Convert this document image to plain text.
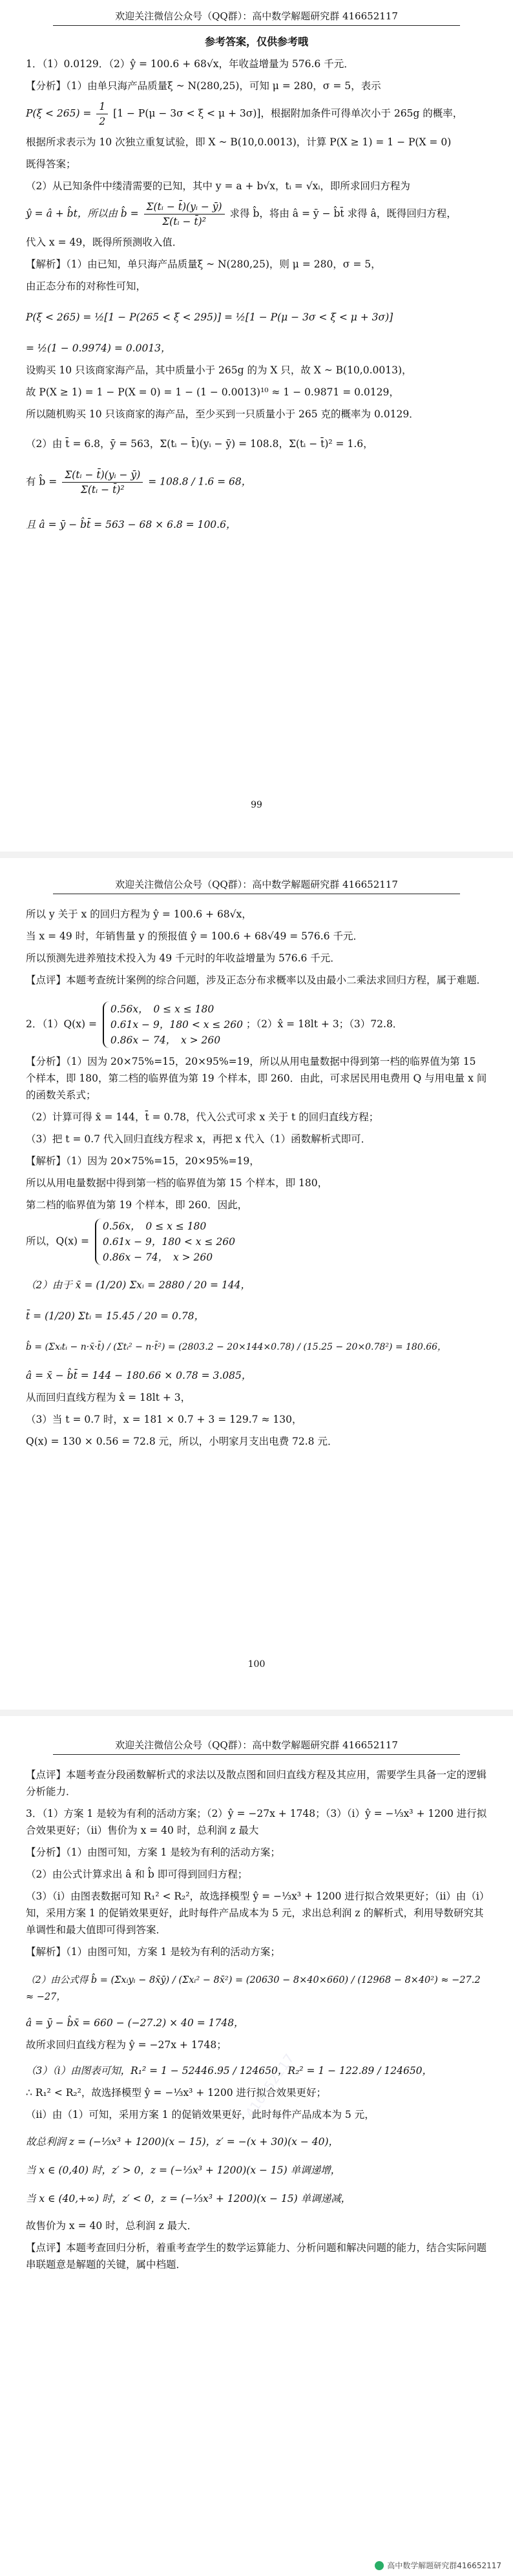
欢迎关注微信公众号（QQ群）：高中数学解题研究群 416652117

参考答案，仅供参考哦

1．（1）0.0129．（2）ŷ = 100.6 + 68√x，年收益增量为 576.6 千元．

【分析】（1）由单只海产品质量ξ ~ N(280,25)，可知 μ = 280，σ = 5，表示

$P(\xi < 265) = \frac{1}{2} [1 - P(\mu - 3\sigma < \xi < \mu + 3\sigma)]$，根据附加条件可得单次小于 265g 的概率，

根据所求表示为 10 次独立重复试验，即 X ~ B(10,0.0013)，计算 P(X ≥ 1) = 1 − P(X = 0)

既得答案；

（2）从已知条件中缕清需要的已知，其中 y = a + b√x，tᵢ = √xᵢ，即所求回归方程为

ŷ = â + b̂t，所以由 b̂ = $\frac{\text{Σ(tᵢ − t̄)(yᵢ − ȳ)}}{\text{Σ(tᵢ − t̄)²}}$ 求得 b̂，将由 â = ȳ − b̂t̄ 求得 â，既得回归方程，

代入 x = 49，既得所预测收入值．

【解析】（1）由已知，单只海产品质量ξ ~ N(280,25)，则 μ = 280，σ = 5，

由正态分布的对称性可知，

P(ξ < 265) = ½[1 − P(265 < ξ < 295)] = ½[1 − P(μ − 3σ < ξ < μ + 3σ)]

= ½(1 − 0.9974) = 0.0013，

设购买 10 只该商家海产品，其中质量小于 265g 的为 X 只，故 X ~ B(10,0.0013)，

故 P(X ≥ 1) = 1 − P(X = 0) = 1 − (1 − 0.0013)¹⁰ ≈ 1 − 0.9871 = 0.0129，

所以随机购买 10 只该商家的海产品，至少买到一只质量小于 265 克的概率为 0.0129．

（2）由 t̄ = 6.8，ȳ = 563，Σ(tᵢ − t̄)(yᵢ − ȳ) = 108.8，Σ(tᵢ − t̄)² = 1.6，

有 b̂ = $\frac{\text{Σ(tᵢ − t̄)(yᵢ − ȳ)}}{\text{Σ(tᵢ − t̄)²}} = 108.8 / 1.6 = 68$，

且 â = ȳ − b̂t̄ = 563 − 68 × 6.8 = 100.6，

99
欢迎关注微信公众号（QQ群）：高中数学解题研究群 416652117

所以 y 关于 x 的回归方程为 ŷ = 100.6 + 68√x，

当 x = 49 时，年销售量 y 的预报值 ŷ = 100.6 + 68√49 = 576.6 千元．

所以预测先进养殖技术投入为 49 千元时的年收益增量为 576.6 千元．

【点评】本题考查统计案例的综合问题，涉及正态分布求概率以及由最小二乘法求回归方程，属于难题．

2．（1）Q(x) = 0.56x，　0 ≤ x ≤ 180
0.61x − 9，180 < x ≤ 260
0.86x − 74，　x > 260 ；（2）x̂ = 18lt + 3；（3）72.8．

【分析】（1）因为 20×75%=15，20×95%=19，所以从用电量数据中得到第一档的临界值为第 15 个样本，即 180，第二档的临界值为第 19 个样本，即 260．由此，可求居民用电费用 Q 与用电量 x 间的函数关系式；

（2）计算可得 x̄ = 144，t̄ = 0.78，代入公式可求 x 关于 t 的回归直线方程；

（3）把 t = 0.7 代入回归直线方程求 x，再把 x 代入（1）函数解析式即可．

【解析】（1）因为 20×75%=15，20×95%=19，

所以从用电量数据中得到第一档的临界值为第 15 个样本，即 180，

第二档的临界值为第 19 个样本，即 260．因此，

所以，Q(x) = 0.56x，　0 ≤ x ≤ 180
0.61x − 9，180 < x ≤ 260
0.86x − 74，　x > 260

（2）由于 x̄ = (1/20) Σxᵢ = 2880 / 20 = 144，

t̄ = (1/20) Σtᵢ = 15.45 / 20 = 0.78，

b̂ = (Σxᵢtᵢ − n·x̄·t̄) / (Σtᵢ² − n·t̄²) = (2803.2 − 20×144×0.78) / (15.25 − 20×0.78²) = 180.66，

â = x̄ − b̂t̄ = 144 − 180.66 × 0.78 = 3.085，

从而回归直线方程为 x̂ = 18lt + 3，

（3）当 t = 0.7 时，x = 181 × 0.7 + 3 = 129.7 ≈ 130，

Q(x) = 130 × 0.56 = 72.8 元，所以，小明家月支出电费 72.8 元．

100
欢迎关注微信公众号（QQ群）：高中数学解题研究群 416652117

【点评】本题考查分段函数解析式的求法以及散点图和回归直线方程及其应用，需要学生具备一定的逻辑分析能力．

3．（1）方案 1 是较为有利的活动方案；（2）ŷ = −27x + 1748；（3）（i）ŷ = −⅓x³ + 1200 进行拟合效果更好；（ii）售价为 x = 40 时，总利润 z 最大

【分析】（1）由图可知，方案 1 是较为有利的活动方案；

（2）由公式计算求出 â 和 b̂ 即可得到回归方程；

（3）（i）由图表数据可知 R₁² < R₂²，故选择模型 ŷ = −⅓x³ + 1200 进行拟合效果更好；（ii）由（i）知，采用方案 1 的促销效果更好，此时每件产品成本为 5 元，求出总利润 z 的解析式，利用导数研究其单调性和最大值即可得到答案．

【解析】（1）由图可知，方案 1 是较为有利的活动方案；

（2）由公式得 b̂ = (Σxᵢyᵢ − 8x̄ȳ) / (Σxᵢ² − 8x̄²) = (20630 − 8×40×660) / (12968 − 8×40²) ≈ −27.2 ≈ −27，

â = ȳ − b̂x̄ = 660 − (−27.2) × 40 = 1748，

故所求回归直线方程为 ŷ = −27x + 1748；

（3）（i）由图表可知，R₁² = 1 − 52446.95 / 124650，R₂² = 1 − 122.89 / 124650，

∴ R₁² < R₂²，故选择模型 ŷ = −⅓x³ + 1200 进行拟合效果更好；

（ii）由（1）可知，采用方案 1 的促销效果更好，此时每件产品成本为 5 元，

故总利润 z = (−⅓x³ + 1200)(x − 15)，z′ = −(x + 30)(x − 40)，

当 x ∈ (0,40) 时，z′ > 0，z = (−⅓x³ + 1200)(x − 15) 单调递增，

当 x ∈ (40,+∞) 时，z′ < 0，z = (−⅓x³ + 1200)(x − 15) 单调递减，

故售价为 x = 40 时，总利润 z 最大．

【点评】本题考查回归分析，着重考查学生的数学运算能力、分析问题和解决问题的能力，结合实际问题串联题意是解题的关键，属中档题．

416652117
高中数学解题研究群416652117
